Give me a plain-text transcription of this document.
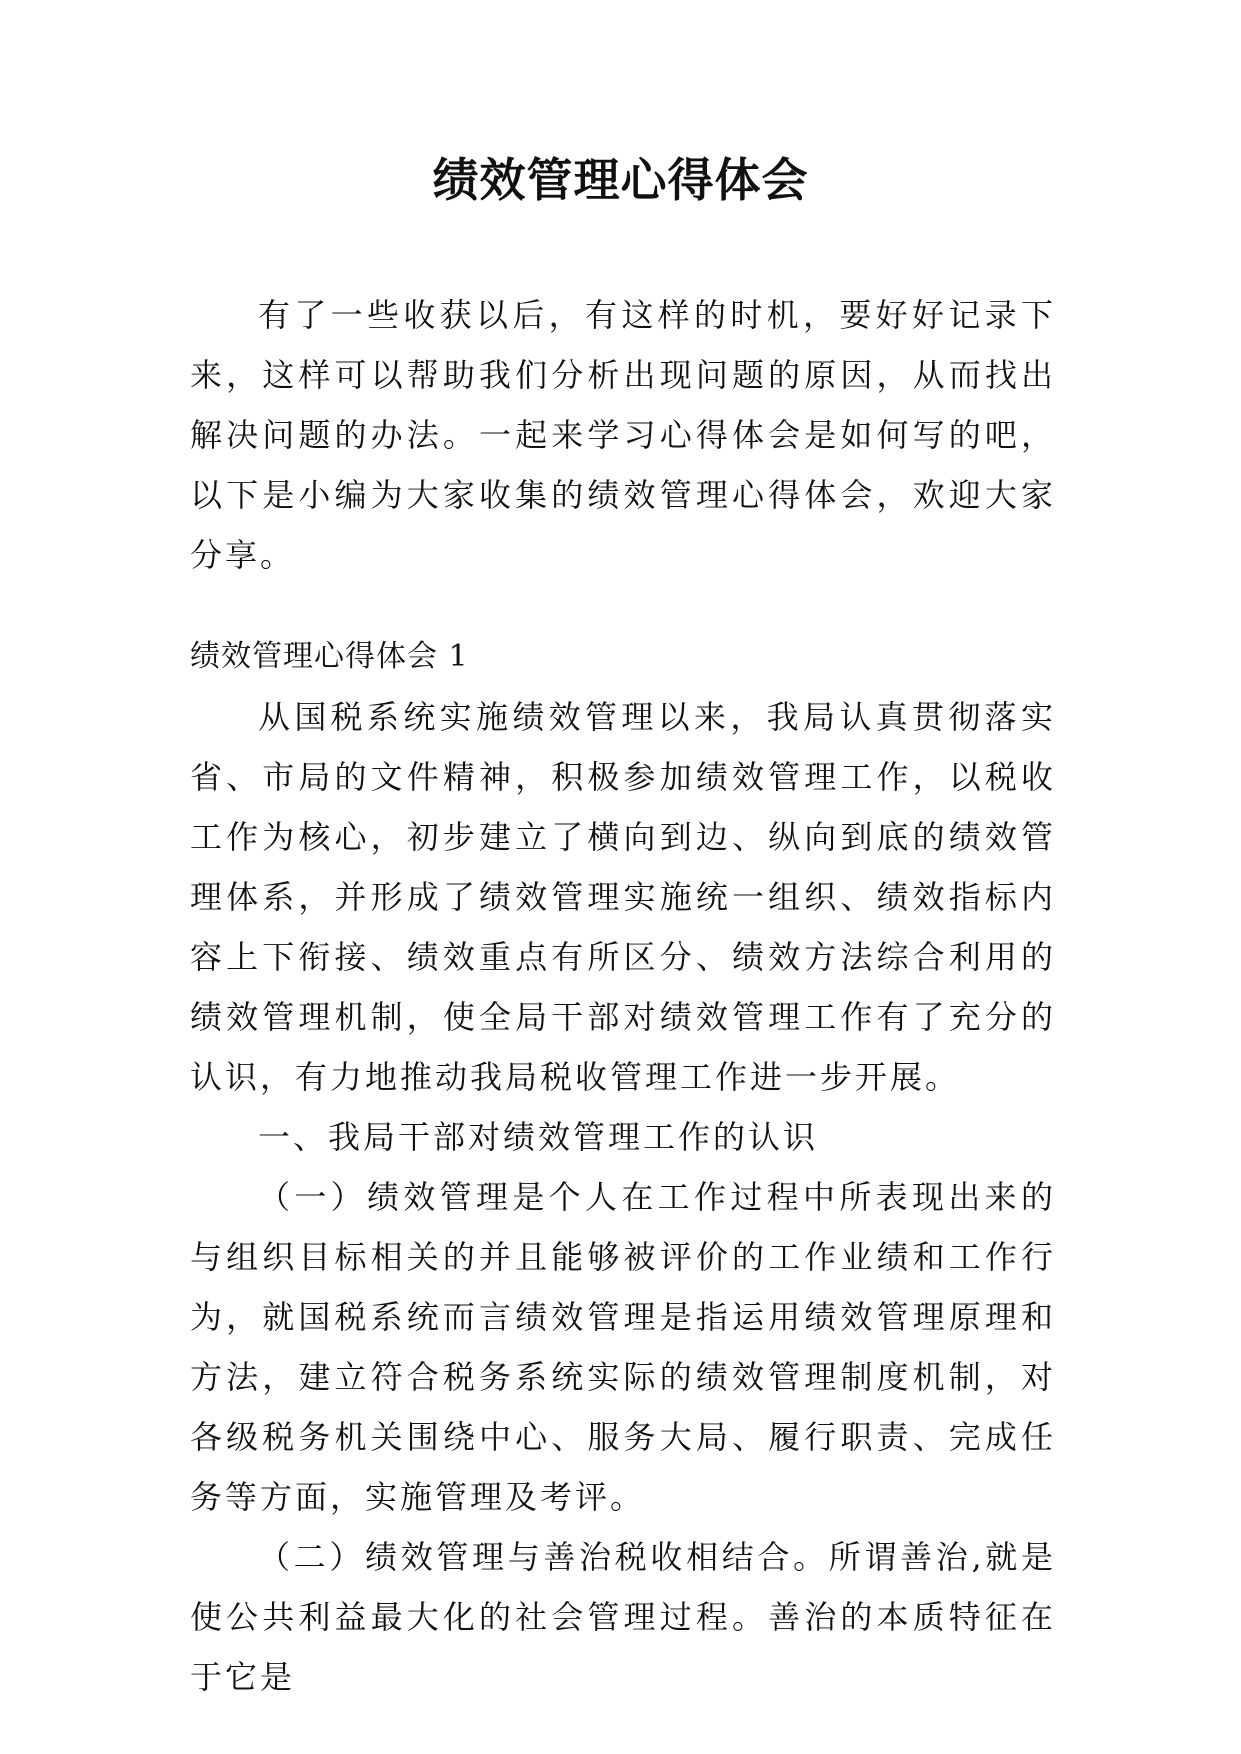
绩效管理心得体会

有了一些收获以后，有这样的时机，要好好记录下来，这样可以帮助我们分析出现问题的原因，从而找出解决问题的办法。一起来学习心得体会是如何写的吧，以下是小编为大家收集的绩效管理心得体会，欢迎大家分享。

绩效管理心得体会 1

从国税系统实施绩效管理以来，我局认真贯彻落实省、市局的文件精神，积极参加绩效管理工作，以税收工作为核心，初步建立了横向到边、纵向到底的绩效管理体系，并形成了绩效管理实施统一组织、绩效指标内容上下衔接、绩效重点有所区分、绩效方法综合利用的绩效管理机制，使全局干部对绩效管理工作有了充分的认识，有力地推动我局税收管理工作进一步开展。

一、我局干部对绩效管理工作的认识

（一）绩效管理是个人在工作过程中所表现出来的与组织目标相关的并且能够被评价的工作业绩和工作行为，就国税系统而言绩效管理是指运用绩效管理原理和方法，建立符合税务系统实际的绩效管理制度机制，对各级税务机关围绕中心、服务大局、履行职责、完成任务等方面，实施管理及考评。

（二）绩效管理与善治税收相结合。所谓善治,就是使公共利益最大化的社会管理过程。善治的本质特征在于它是
